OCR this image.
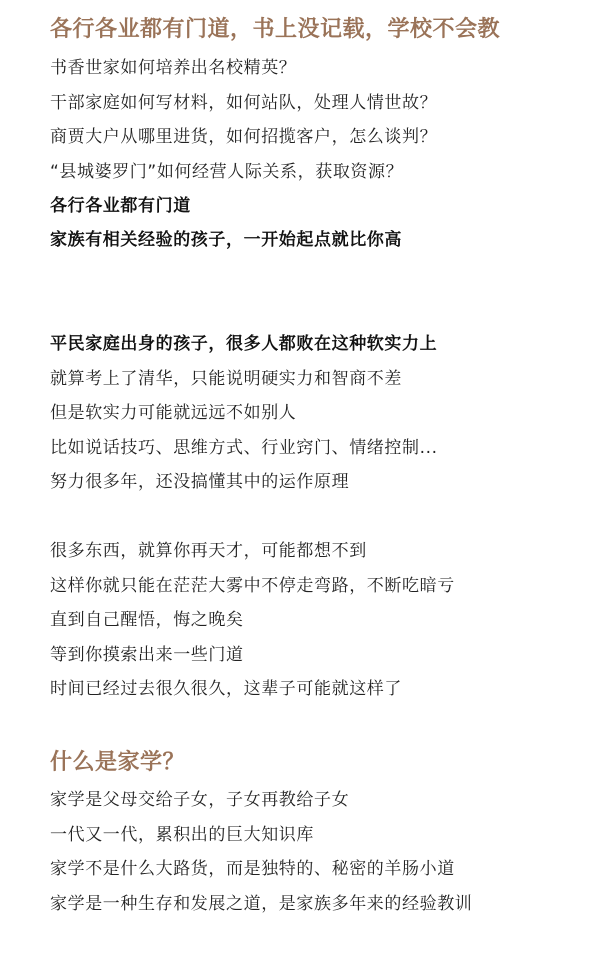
各行各业都有门道，书上没记载，学校不会教

书香世家如何培养出名校精英？

干部家庭如何写材料，如何站队，处理人情世故？

商贾大户从哪里进货，如何招揽客户，怎么谈判？

“县城婆罗门”如何经营人际关系，获取资源？

各行各业都有门道

家族有相关经验的孩子，一开始起点就比你高

平民家庭出身的孩子，很多人都败在这种软实力上

就算考上了清华，只能说明硬实力和智商不差

但是软实力可能就远远不如别人

比如说话技巧、思维方式、行业窍门、情绪控制...

努力很多年，还没搞懂其中的运作原理

很多东西，就算你再天才，可能都想不到

这样你就只能在茫茫大雾中不停走弯路，不断吃暗亏

直到自己醒悟，悔之晚矣

等到你摸索出来一些门道

时间已经过去很久很久，这辈子可能就这样了

什么是家学？

家学是父母交给子女，子女再教给子女

一代又一代，累积出的巨大知识库

家学不是什么大路货，而是独特的、秘密的羊肠小道

家学是一种生存和发展之道，是家族多年来的经验教训
